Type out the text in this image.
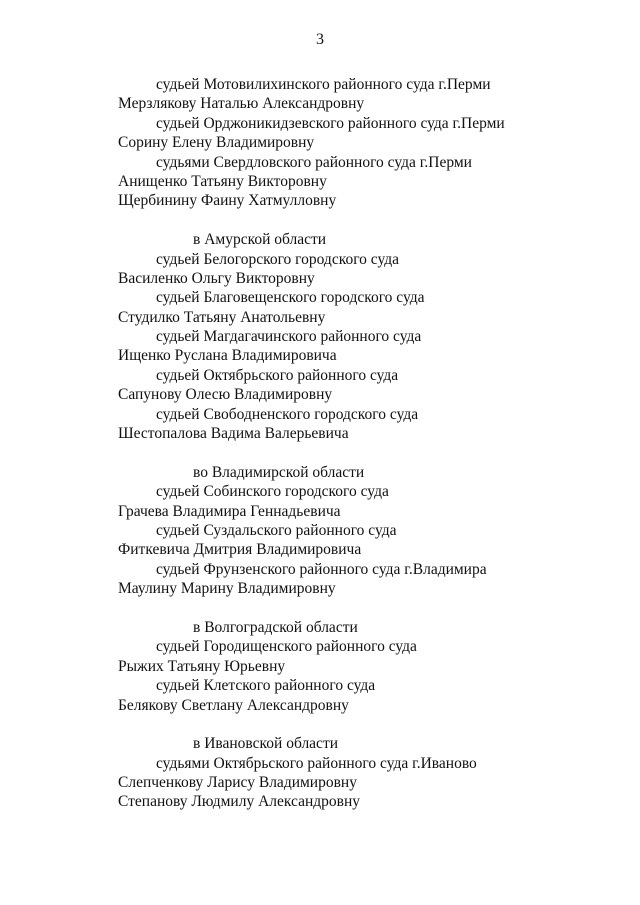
3
судьей Мотовилихинского районного суда г.Перми
Мерзлякову Наталью Александровну
судьей Орджоникидзевского районного суда г.Перми
Сорину Елену Владимировну
судьями Свердловского районного суда г.Перми
Анищенко Татьяну Викторовну
Щербинину Фаину Хатмулловну
в Амурской области
судьей Белогорского городского суда
Василенко Ольгу Викторовну
судьей Благовещенского городского суда
Студилко Татьяну Анатольевну
судьей Магдагачинского районного суда
Ищенко Руслана Владимировича
судьей Октябрьского районного суда
Сапунову Олесю Владимировну
судьей Свободненского городского суда
Шестопалова Вадима Валерьевича
во Владимирской области
судьей Собинского городского суда
Грачева Владимира Геннадьевича
судьей Суздальского районного суда
Фиткевича Дмитрия Владимировича
судьей Фрунзенского районного суда г.Владимира
Маулину Марину Владимировну
в Волгоградской области
судьей Городищенского районного суда
Рыжих Татьяну Юрьевну
судьей Клетского районного суда
Белякову Светлану Александровну
в Ивановской области
судьями Октябрьского районного суда г.Иваново
Слепченкову Ларису Владимировну
Степанову Людмилу Александровну
